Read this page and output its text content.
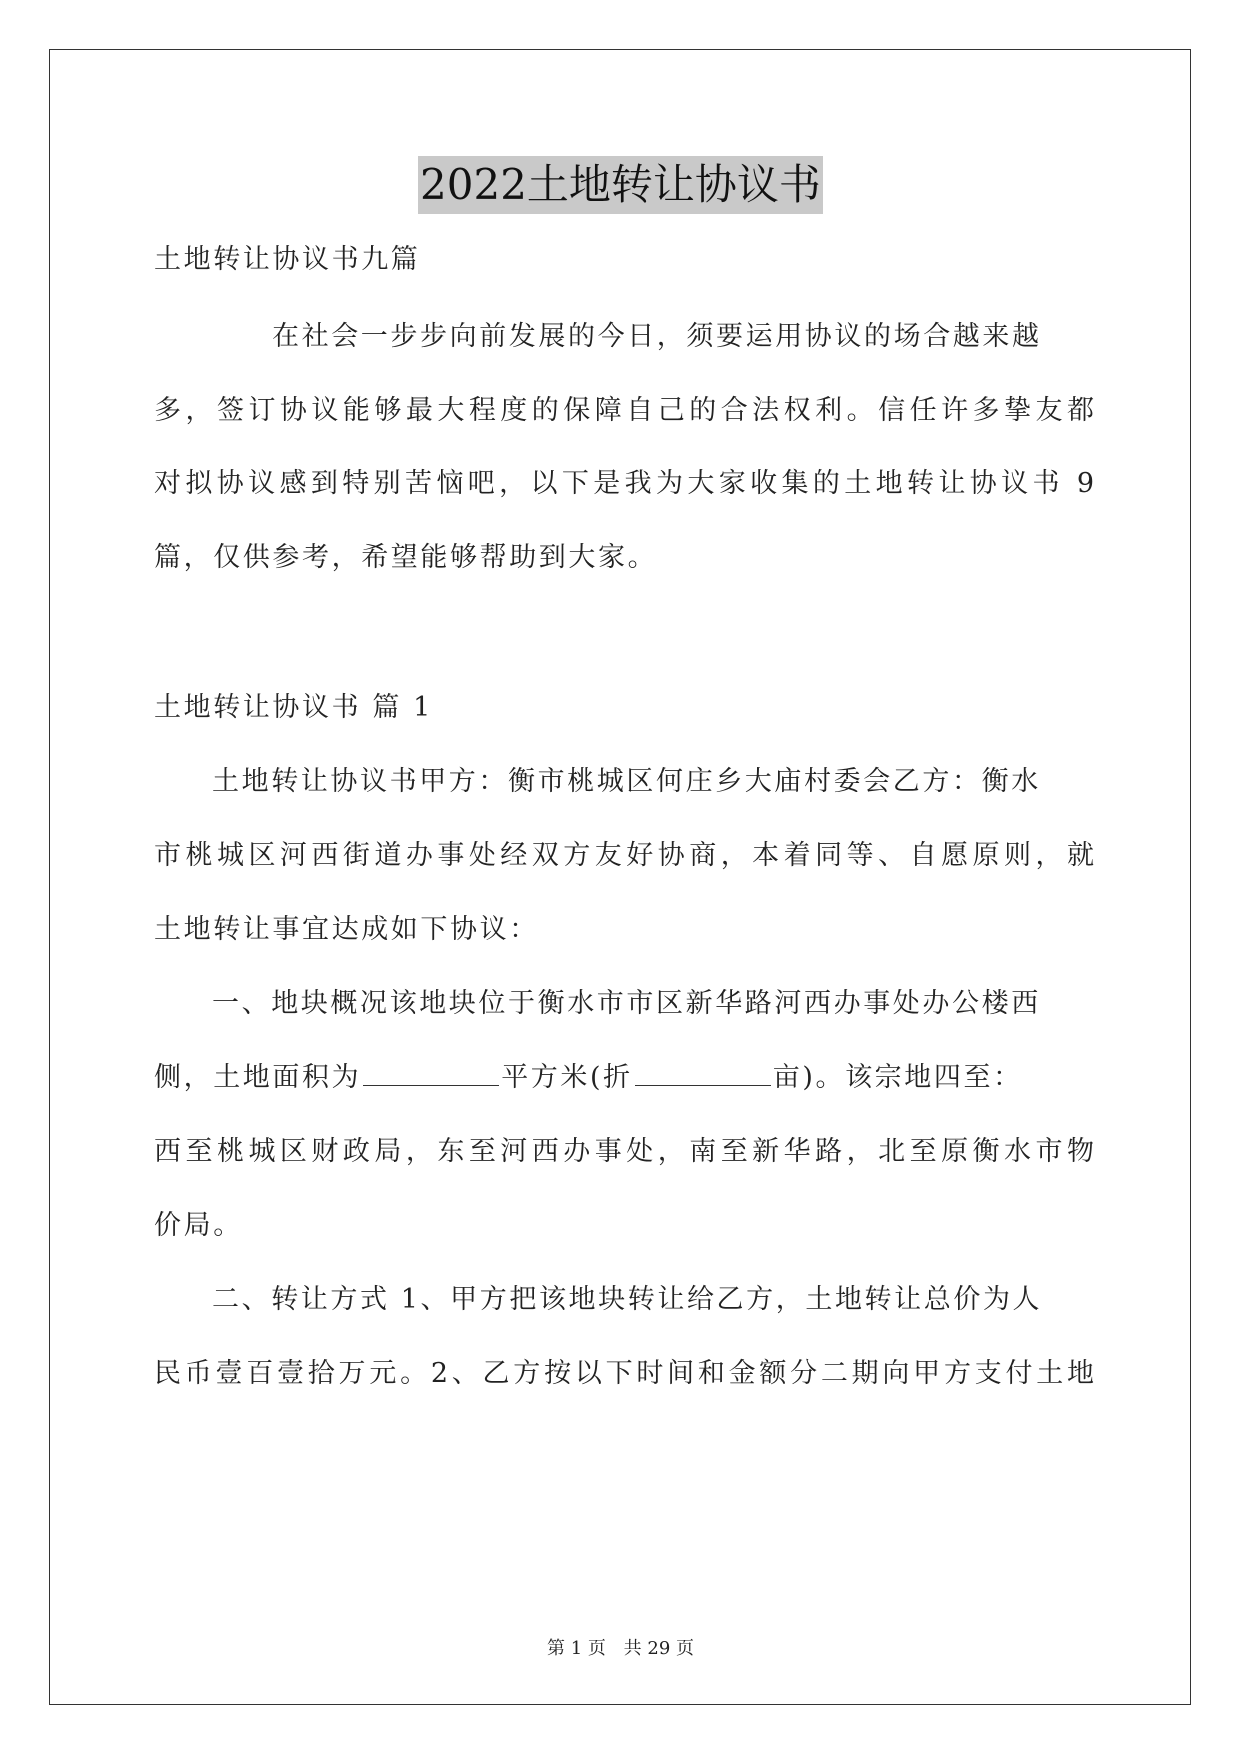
2022土地转让协议书
土地转让协议书九篇
在社会一步步向前发展的今日，须要运用协议的场合越来越
多，签订协议能够最大程度的保障自己的合法权利。信任许多挚友都
对拟协议感到特别苦恼吧，以下是我为大家收集的土地转让协议书 9
篇，仅供参考，希望能够帮助到大家。
土地转让协议书 篇 1
土地转让协议书甲方：衡市桃城区何庄乡大庙村委会乙方：衡水
市桃城区河西街道办事处经双方友好协商，本着同等、自愿原则，就
土地转让事宜达成如下协议：
一、地块概况该地块位于衡水市市区新华路河西办事处办公楼西
侧，土地面积为	平方米(折	亩)。该宗地四至：
西至桃城区财政局，东至河西办事处，南至新华路，北至原衡水市物
价局。
二、转让方式 1、甲方把该地块转让给乙方，土地转让总价为人
民币壹百壹拾万元。2、乙方按以下时间和金额分二期向甲方支付土地
第 1 页 共 29 页
